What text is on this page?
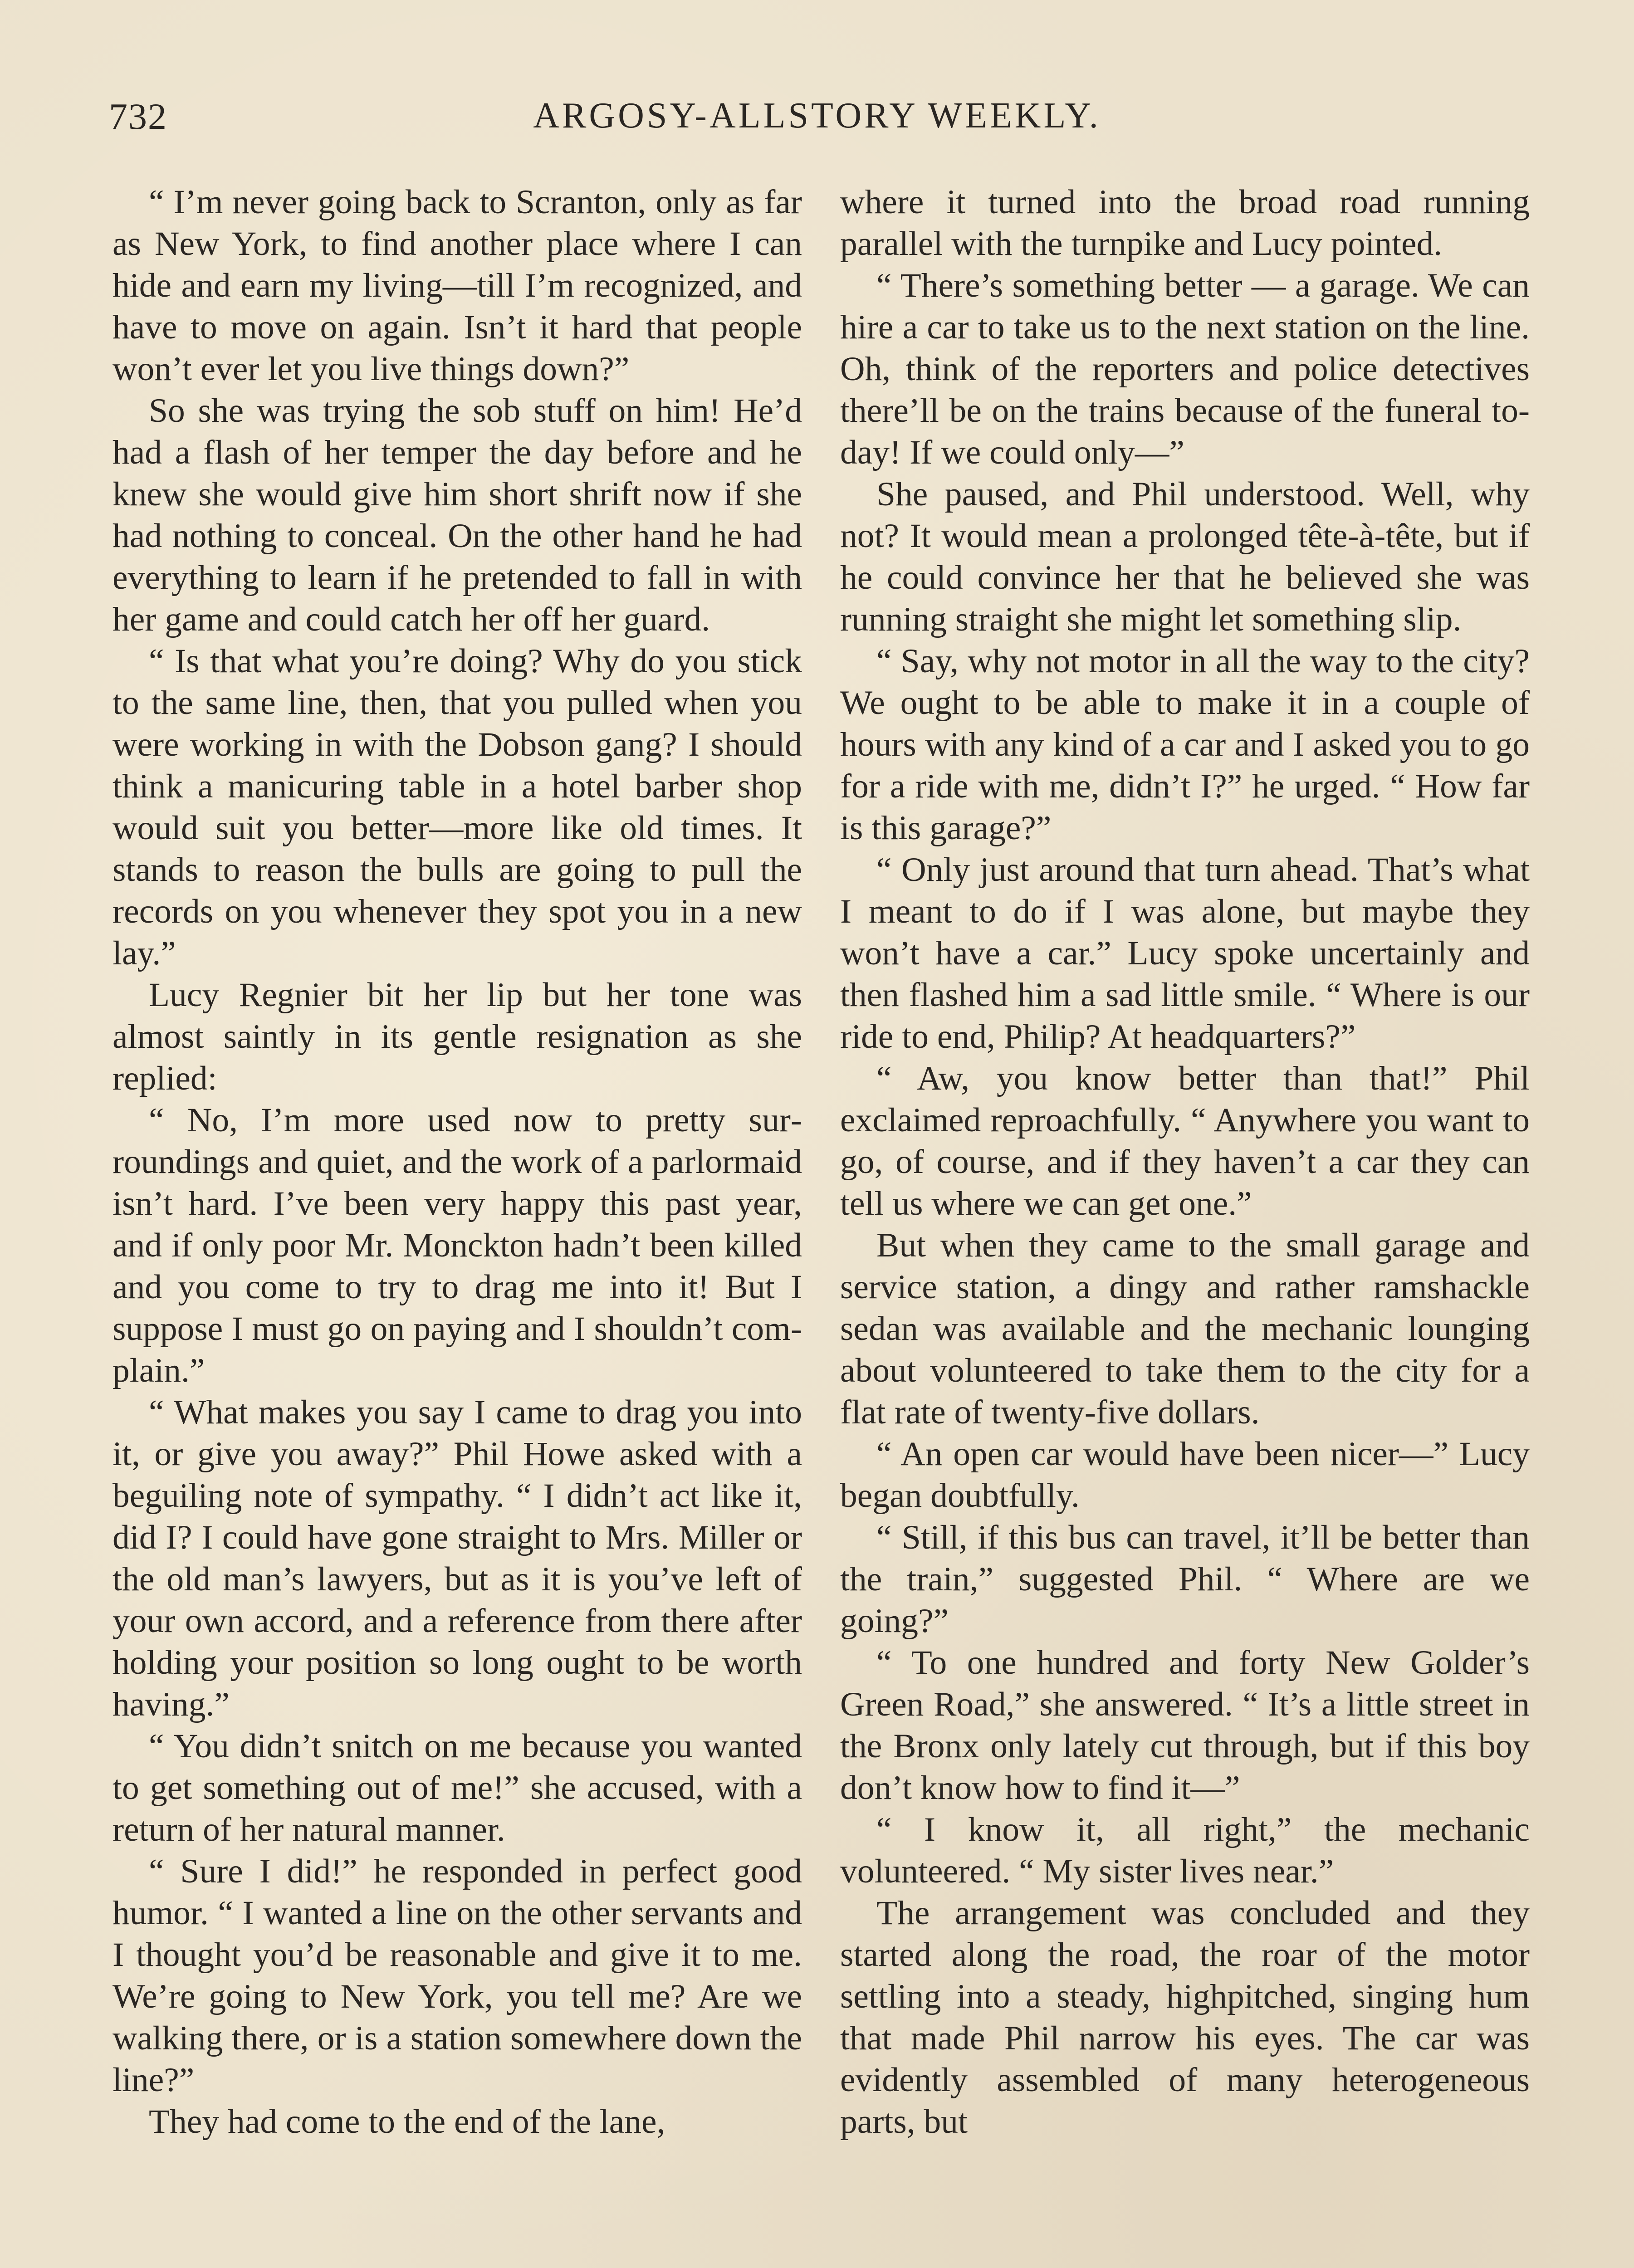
732	ARGOSY-ALLSTORY WEEKLY.

“ I’m never going back to Scranton, only as far as New York, to find another place where I can hide and earn my living—till I’m recognized, and have to move on again. Isn’t it hard that people won’t ever let you live things down?”

So she was trying the sob stuff on him! He’d had a flash of her temper the day before and he knew she would give him short shrift now if she had nothing to conceal. On the other hand he had everything to learn if he pretended to fall in with her game and could catch her off her guard.

“ Is that what you’re doing? Why do you stick to the same line, then, that you pulled when you were working in with the Dobson gang? I should think a manicuring table in a hotel barber shop would suit you better—more like old times. It stands to reason the bulls are going to pull the records on you whenever they spot you in a new lay.”

Lucy Regnier bit her lip but her tone was almost saintly in its gentle resignation as she replied:

“ No, I’m more used now to pretty surroundings and quiet, and the work of a parlormaid isn’t hard. I’ve been very happy this past year, and if only poor Mr. Monckton hadn’t been killed and you come to try to drag me into it! But I suppose I must go on paying and I shouldn’t complain.”

“ What makes you say I came to drag you into it, or give you away?” Phil Howe asked with a beguiling note of sympathy. “ I didn’t act like it, did I? I could have gone straight to Mrs. Miller or the old man’s lawyers, but as it is you’ve left of your own accord, and a reference from there after holding your position so long ought to be worth having.”

“ You didn’t snitch on me because you wanted to get something out of me!” she accused, with a return of her natural manner.

“ Sure I did!” he responded in perfect good humor. “ I wanted a line on the other servants and I thought you’d be reasonable and give it to me. We’re going to New York, you tell me? Are we walking there, or is a station somewhere down the line?”

They had come to the end of the lane,

where it turned into the broad road running parallel with the turnpike and Lucy pointed.

“ There’s something better — a garage. We can hire a car to take us to the next station on the line. Oh, think of the reporters and police detectives there’ll be on the trains because of the funeral to-day! If we could only—”

She paused, and Phil understood. Well, why not? It would mean a prolonged tête-à-tête, but if he could convince her that he believed she was running straight she might let something slip.

“ Say, why not motor in all the way to the city? We ought to be able to make it in a couple of hours with any kind of a car and I asked you to go for a ride with me, didn’t I?” he urged. “ How far is this garage?”

“ Only just around that turn ahead. That’s what I meant to do if I was alone, but maybe they won’t have a car.” Lucy spoke uncertainly and then flashed him a sad little smile. “ Where is our ride to end, Philip? At headquarters?”

“ Aw, you know better than that!” Phil exclaimed reproachfully. “ Anywhere you want to go, of course, and if they haven’t a car they can tell us where we can get one.”

But when they came to the small garage and service station, a dingy and rather ramshackle sedan was available and the mechanic lounging about volunteered to take them to the city for a flat rate of twenty-five dollars.

“ An open car would have been nicer—” Lucy began doubtfully.

“ Still, if this bus can travel, it’ll be better than the train,” suggested Phil. “ Where are we going?”

“ To one hundred and forty New Golder’s Green Road,” she answered. “ It’s a little street in the Bronx only lately cut through, but if this boy don’t know how to find it—”

“ I know it, all right,” the mechanic volunteered. “ My sister lives near.”

The arrangement was concluded and they started along the road, the roar of the motor settling into a steady, highpitched, singing hum that made Phil narrow his eyes. The car was evidently assembled of many heterogeneous parts, but
